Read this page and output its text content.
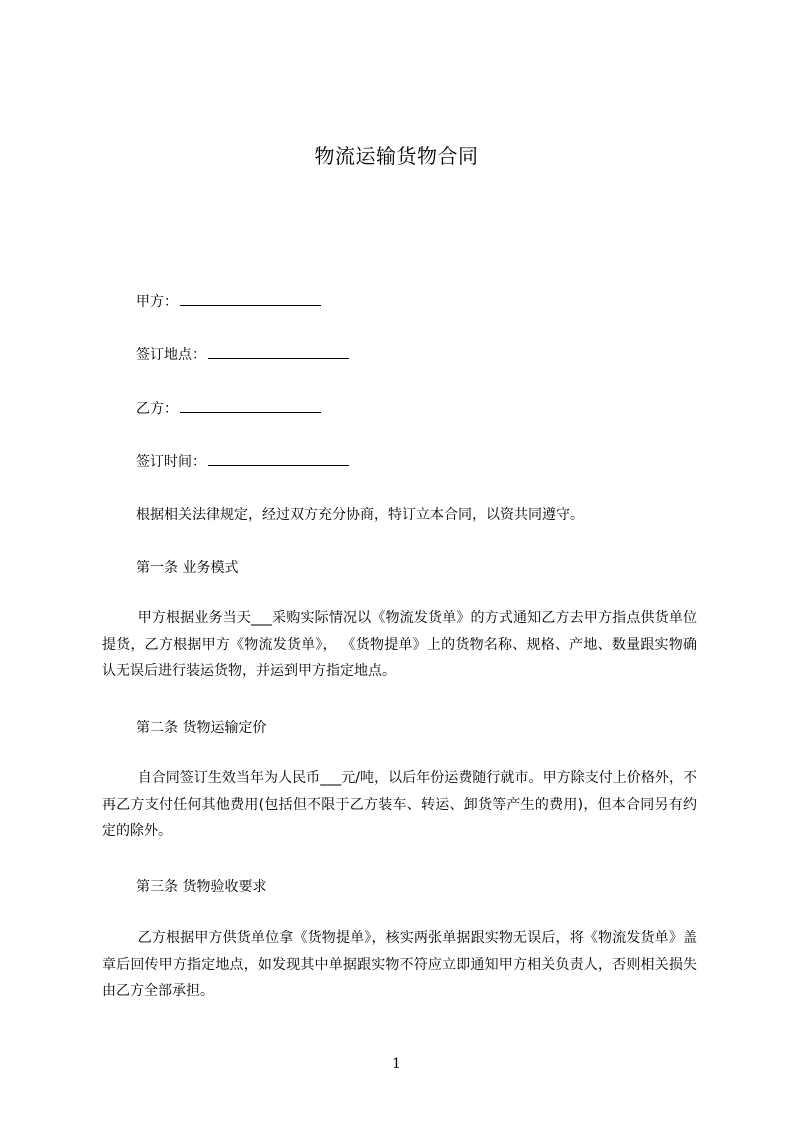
物流运输货物合同
甲方：
签订地点：
乙方：
签订时间：
根据相关法律规定，经过双方充分协商，特订立本合同，以资共同遵守。
第一条 业务模式
甲方根据业务当天___采购实际情况以《物流发货单》的方式通知乙方去甲方指点供货单位提货，乙方根据甲方《物流发货单》， 《货物提单》上的货物名称、规格、产地、数量跟实物确认无误后进行装运货物，并运到甲方指定地点。
第二条 货物运输定价
自合同签订生效当年为人民币___元/吨，以后年份运费随行就市。甲方除支付上价格外，不再乙方支付任何其他费用(包括但不限于乙方装车、转运、卸货等产生的费用)，但本合同另有约定的除外。
第三条 货物验收要求
乙方根据甲方供货单位拿《货物提单》，核实两张单据跟实物无误后，将《物流发货单》盖章后回传甲方指定地点，如发现其中单据跟实物不符应立即通知甲方相关负责人，否则相关损失由乙方全部承担。
1
